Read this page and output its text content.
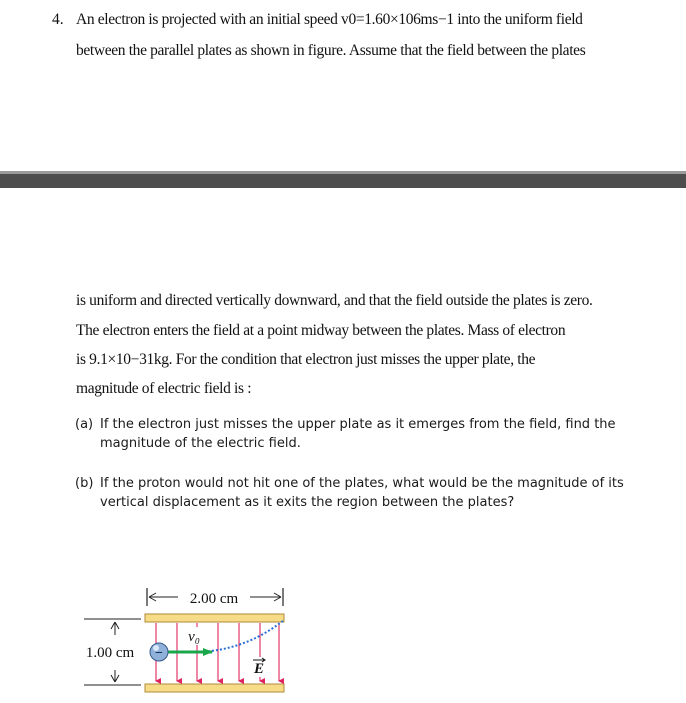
4. An electron is projected with an initial speed v0=1.60×106ms−1 into the uniform field
between the parallel plates as shown in figure. Assume that the field between the plates
is uniform and directed vertically downward, and that the field outside the plates is zero.
The electron enters the field at a point midway between the plates. Mass of electron
is 9.1×10−31kg. For the condition that electron just misses the upper plate, the
magnitude of electric field is :
(a) If the electron just misses the upper plate as it emerges from the field, find the

magnitude of the electric field.
(b) If the proton would not hit one of the plates, what would be the magnitude of its

vertical displacement as it exits the region between the plates?
2.00 cm
1.00 cm −
v₀
E
